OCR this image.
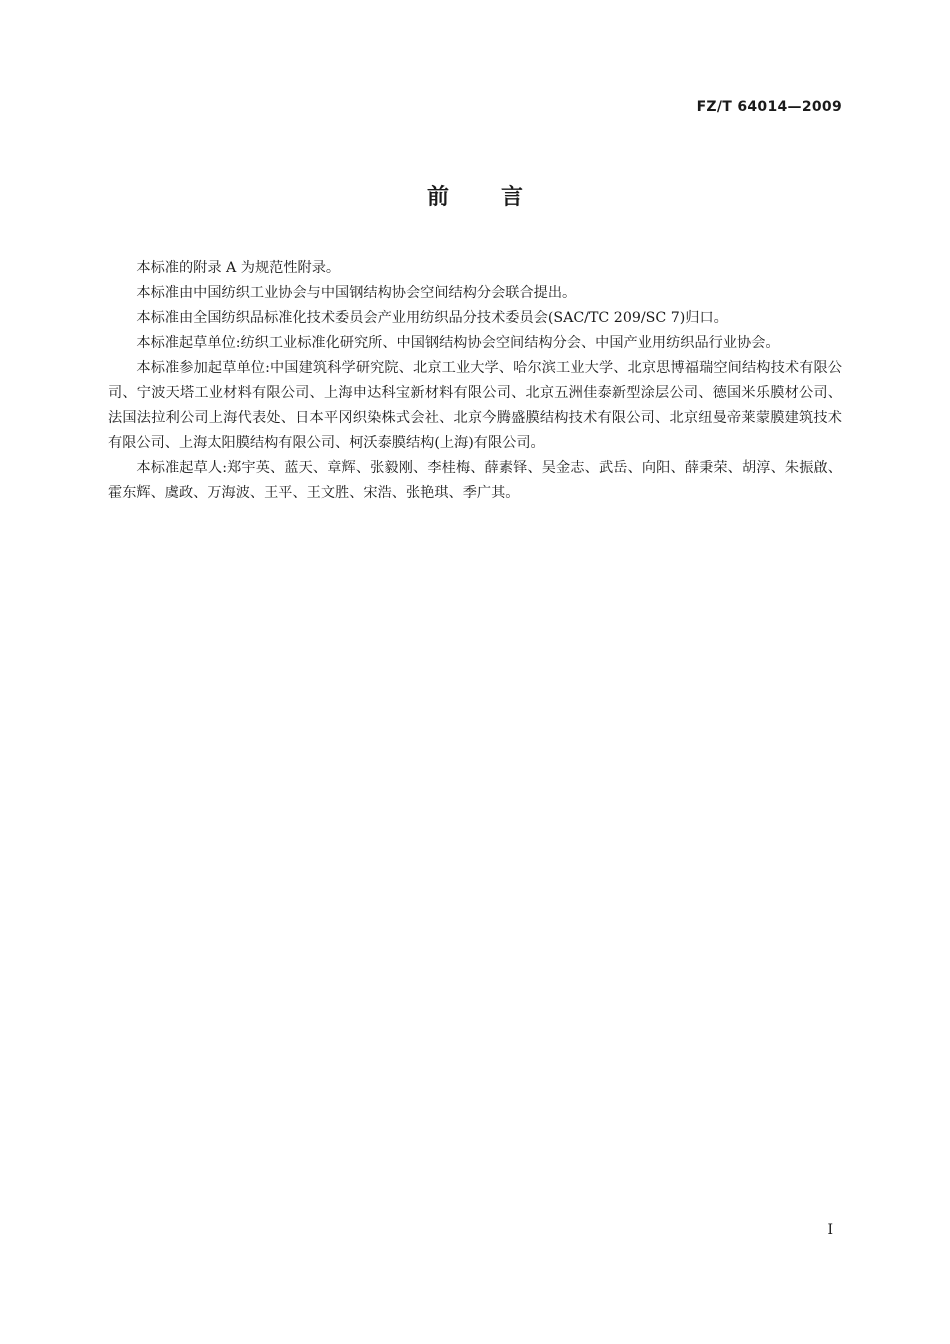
FZ/T 64014—2009
前 言

本标准的附录 A 为规范性附录。

本标准由中国纺织工业协会与中国钢结构协会空间结构分会联合提出。

本标准由全国纺织品标准化技术委员会产业用纺织品分技术委员会(SAC/TC 209/SC 7)归口。

本标准起草单位:纺织工业标准化研究所、中国钢结构协会空间结构分会、中国产业用纺织品行业协会。

本标准参加起草单位:中国建筑科学研究院、北京工业大学、哈尔滨工业大学、北京思博福瑞空间结构技术有限公司、宁波天塔工业材料有限公司、上海申达科宝新材料有限公司、北京五洲佳泰新型涂层公司、德国米乐膜材公司、法国法拉利公司上海代表处、日本平冈织染株式会社、北京今腾盛膜结构技术有限公司、北京纽曼帝莱蒙膜建筑技术有限公司、上海太阳膜结构有限公司、柯沃泰膜结构(上海)有限公司。

本标准起草人:郑宇英、蓝天、章辉、张毅刚、李桂梅、薛素铎、吴金志、武岳、向阳、薛秉荣、胡淳、朱振啟、霍东辉、虞政、万海波、王平、王文胜、宋浩、张艳琪、季广其。

I
